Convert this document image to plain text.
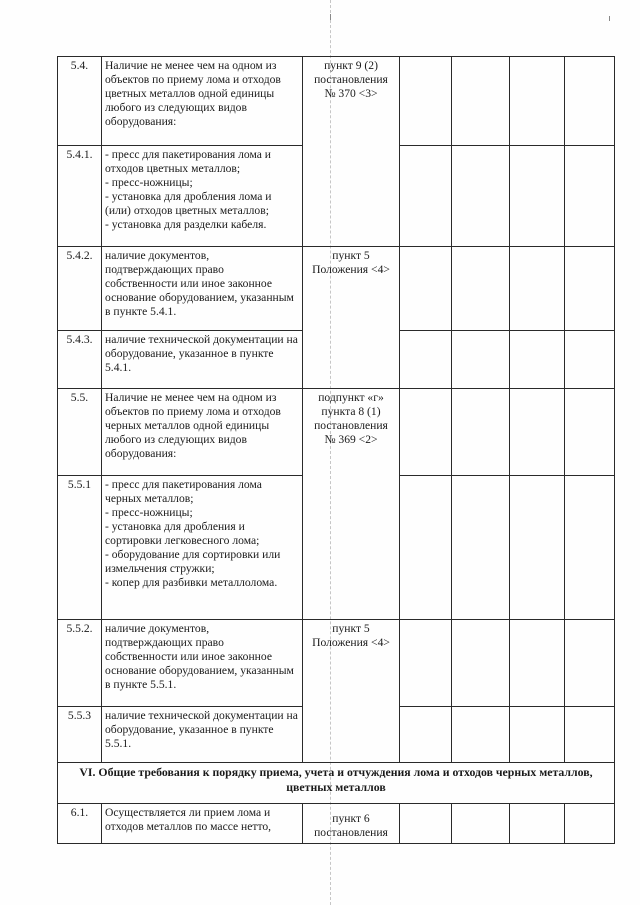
5.4.	Наличие не менее чем на одном из объектов по приему лома и отходов цветных металлов одной единицы любого из следующих видов оборудования:	пункт 9 (2)
постановления
№ 370 <3>				
5.4.1.	- пресс для пакетирования лома и отходов цветных металлов;
- пресс-ножницы;
- установка для дробления лома и (или) отходов цветных металлов;
- установка для разделки кабеля.					
5.4.2.	наличие документов, подтверждающих право собственности или иное законное основание оборудованием, указанным в пункте 5.4.1.	пункт 5
Положения <4>				
5.4.3.	наличие технической документации на оборудование, указанное в пункте 5.4.1.					
5.5.	Наличие не менее чем на одном из объектов по приему лома и отходов черных металлов одной единицы любого из следующих видов оборудования:	подпункт «г»
пункта 8 (1)
постановления
№ 369 <2>				
5.5.1	- пресс для пакетирования лома черных металлов;
- пресс-ножницы;
- установка для дробления и сортировки легковесного лома;
- оборудование для сортировки или измельчения стружки;
- копер для разбивки металлолома.					
5.5.2.	наличие документов, подтверждающих право собственности или иное законное основание оборудованием, указанным в пункте 5.5.1.	пункт 5
Положения <4>				
5.5.3	наличие технической документации на оборудование, указанное в пункте 5.5.1.					
VI. Общие требования к порядку приема, учета и отчуждения лома и отходов черных металлов, цветных металлов						
6.1.	Осуществляется ли прием лома и отходов металлов по массе нетто,	пункт 6
постановления				
